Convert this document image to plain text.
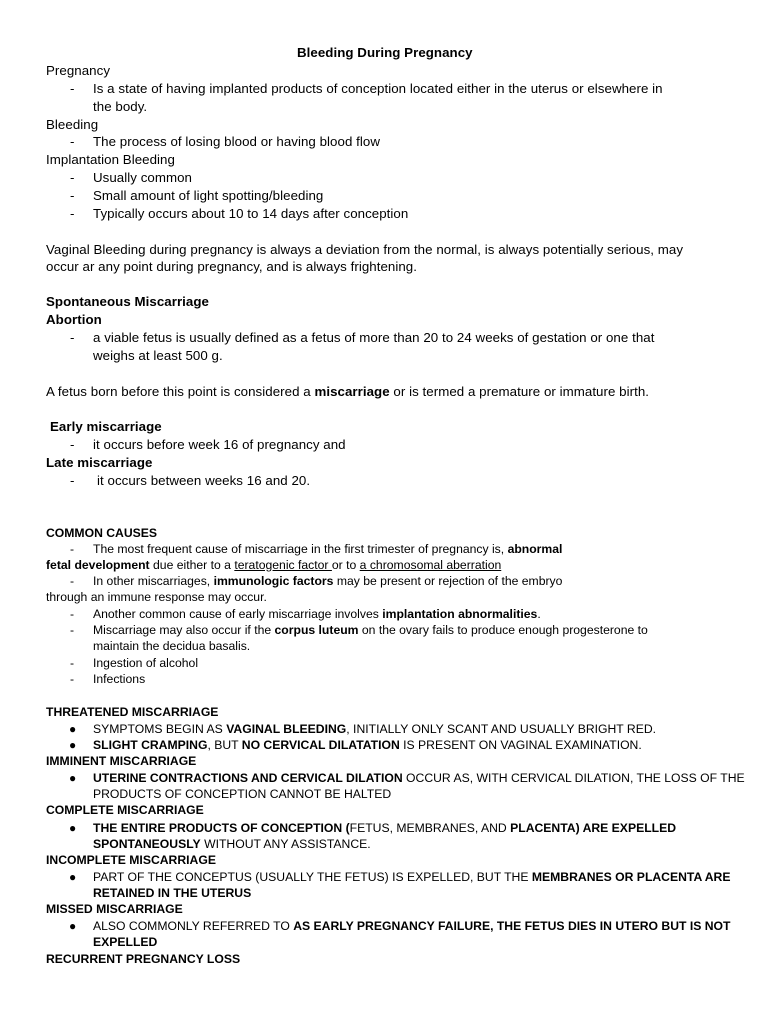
Bleeding During Pregnancy

Pregnancy

- Is a state of having implanted products of conception located either in the uterus or elsewhere in

the body.

Bleeding

- The process of losing blood or having blood flow

Implantation Bleeding

- Usually common

- Small amount of light spotting/bleeding

- Typically occurs about 10 to 14 days after conception

Vaginal Bleeding during pregnancy is always a deviation from the normal, is always potentially serious, may

occur ar any point during pregnancy, and is always frightening.

Spontaneous Miscarriage

Abortion

- a viable fetus is usually defined as a fetus of more than 20 to 24 weeks of gestation or one that

weighs at least 500 g.

A fetus born before this point is considered a miscarriage or is termed a premature or immature birth.

Early miscarriage

- it occurs before week 16 of pregnancy and

Late miscarriage

- it occurs between weeks 16 and 20.

COMMON CAUSES

- The most frequent cause of miscarriage in the first trimester of pregnancy is, abnormal

fetal development due either to a teratogenic factor or to a chromosomal aberration

- In other miscarriages, immunologic factors may be present or rejection of the embryo

through an immune response may occur.

- Another common cause of early miscarriage involves implantation abnormalities.

- Miscarriage may also occur if the corpus luteum on the ovary fails to produce enough progesterone to

maintain the decidua basalis.

- Ingestion of alcohol

- Infections

THREATENED MISCARRIAGE

● SYMPTOMS BEGIN AS VAGINAL BLEEDING, INITIALLY ONLY SCANT AND USUALLY BRIGHT RED.

● SLIGHT CRAMPING, BUT NO CERVICAL DILATATION IS PRESENT ON VAGINAL EXAMINATION.

IMMINENT MISCARRIAGE

● UTERINE CONTRACTIONS AND CERVICAL DILATION OCCUR AS, WITH CERVICAL DILATION, THE LOSS OF THE

PRODUCTS OF CONCEPTION CANNOT BE HALTED

COMPLETE MISCARRIAGE

● THE ENTIRE PRODUCTS OF CONCEPTION (FETUS, MEMBRANES, AND PLACENTA) ARE EXPELLED

SPONTANEOUSLY WITHOUT ANY ASSISTANCE.

INCOMPLETE MISCARRIAGE

● PART OF THE CONCEPTUS (USUALLY THE FETUS) IS EXPELLED, BUT THE MEMBRANES OR PLACENTA ARE

RETAINED IN THE UTERUS

MISSED MISCARRIAGE

● ALSO COMMONLY REFERRED TO AS EARLY PREGNANCY FAILURE, THE FETUS DIES IN UTERO BUT IS NOT

EXPELLED

RECURRENT PREGNANCY LOSS
